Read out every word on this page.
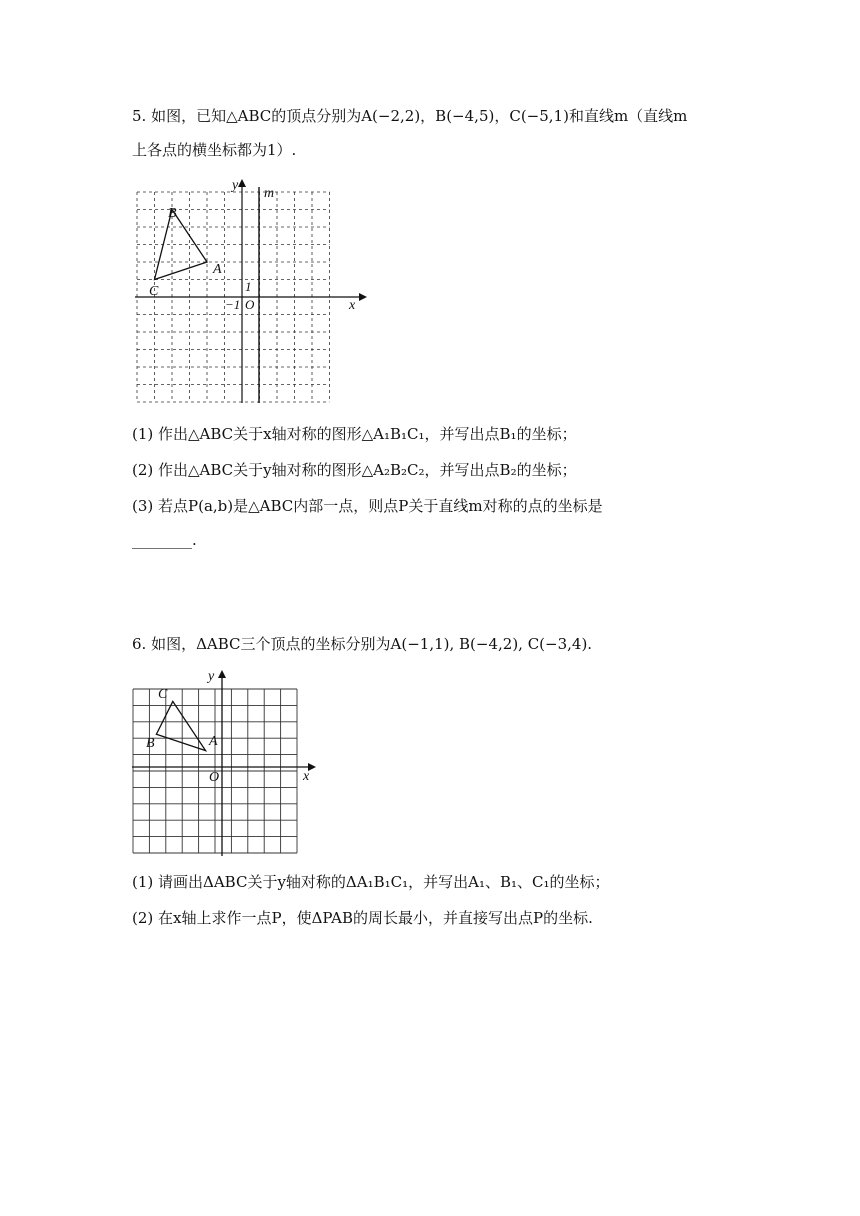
5. 如图，已知△ABC的顶点分别为A(−2,2)，B(−4,5)，C(−5,1)和直线m（直线m
上各点的横坐标都为1）.
y
m
x
B
A
C	1
−1 O
(1) 作出△ABC关于x轴对称的图形△A₁B₁C₁，并写出点B₁的坐标；
(2) 作出△ABC关于y轴对称的图形△A₂B₂C₂，并写出点B₂的坐标；
(3) 若点P(a,b)是△ABC内部一点，则点P关于直线m对称的点的坐标是
________.
6. 如图，ΔABC三个顶点的坐标分别为A(−1,1), B(−4,2), C(−3,4).
y
x
C
B	A
O
(1) 请画出ΔABC关于y轴对称的ΔA₁B₁C₁，并写出A₁、B₁、C₁的坐标；
(2) 在x轴上求作一点P，使ΔPAB的周长最小，并直接写出点P的坐标.
